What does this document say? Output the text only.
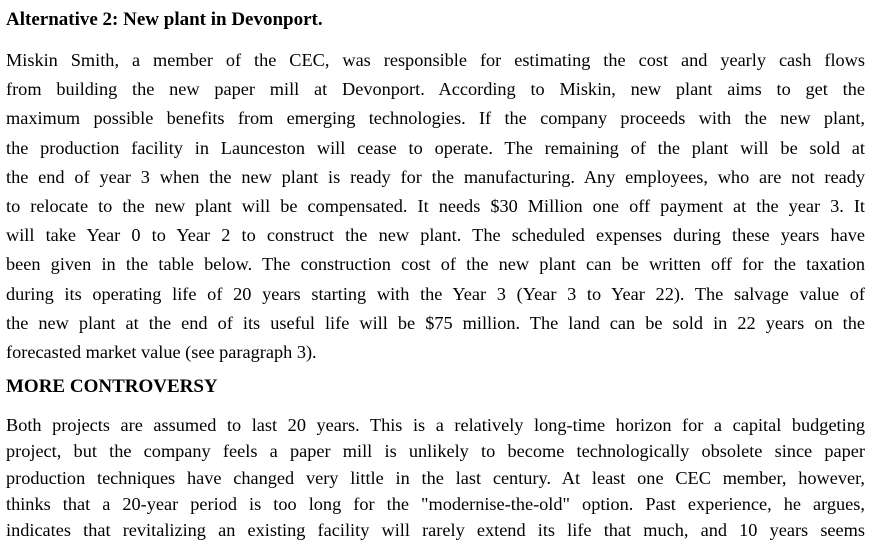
Alternative 2: New plant in Devonport.

Miskin Smith, a member of the CEC, was responsible for estimating the cost and yearly cash flows
from building the new paper mill at Devonport. According to Miskin, new plant aims to get the
maximum possible benefits from emerging technologies. If the company proceeds with the new plant,
the production facility in Launceston will cease to operate. The remaining of the plant will be sold at
the end of year 3 when the new plant is ready for the manufacturing. Any employees, who are not ready
to relocate to the new plant will be compensated. It needs $30 Million one off payment at the year 3. It
will take Year 0 to Year 2 to construct the new plant. The scheduled expenses during these years have
been given in the table below. The construction cost of the new plant can be written off for the taxation
during its operating life of 20 years starting with the Year 3 (Year 3 to Year 22). The salvage value of
the new plant at the end of its useful life will be $75 million. The land can be sold in 22 years on the
forecasted market value (see paragraph 3).

MORE CONTROVERSY

Both projects are assumed to last 20 years. This is a relatively long-time horizon for a capital budgeting
project, but the company feels a paper mill is unlikely to become technologically obsolete since paper
production techniques have changed very little in the last century. At least one CEC member, however,
thinks that a 20-year period is too long for the "modernise-the-old" option. Past experience, he argues,
indicates that revitalizing an existing facility will rarely extend its life that much, and 10 years seems
